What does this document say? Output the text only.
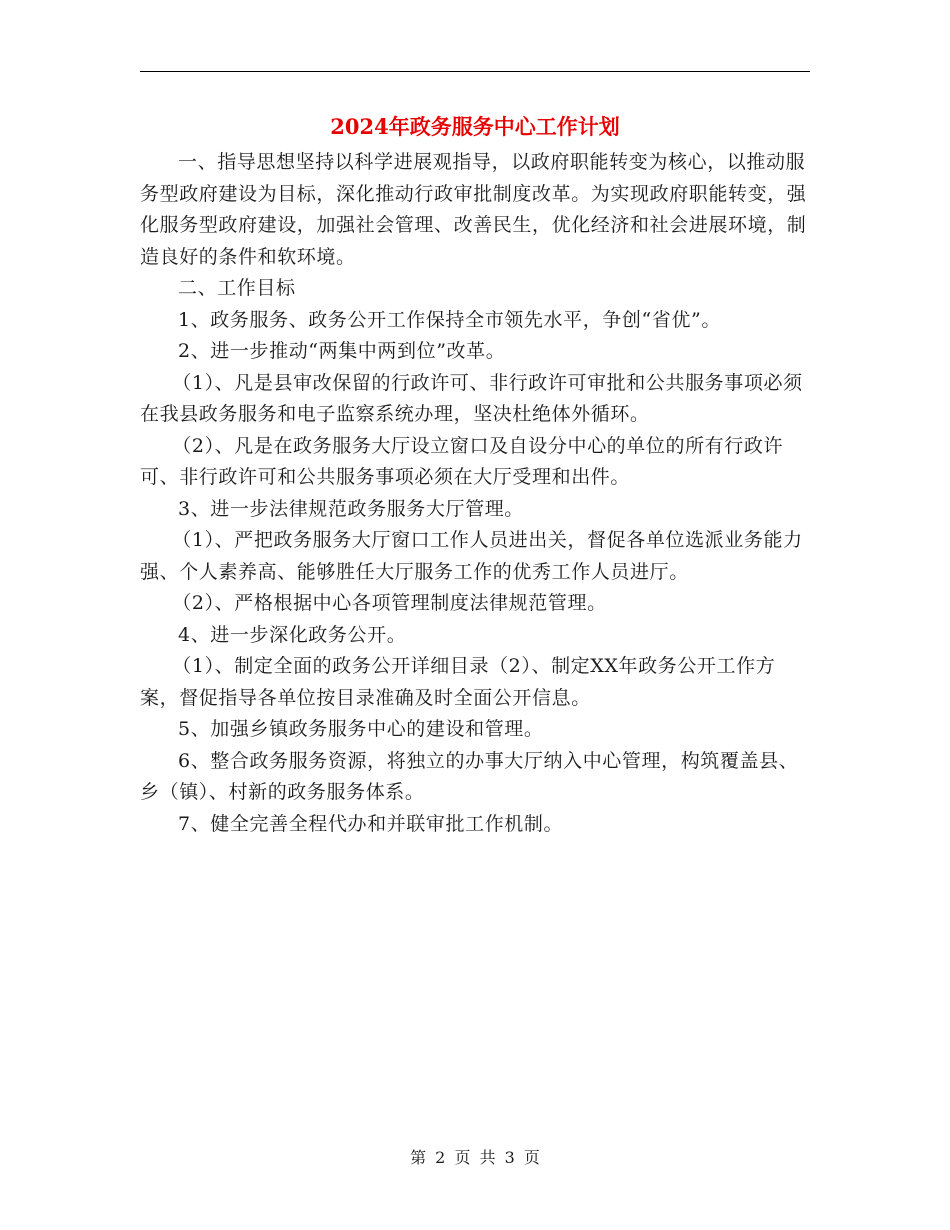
2024年政务服务中心工作计划

一、指导思想坚持以科学进展观指导，以政府职能转变为核心，以推动服务型政府建设为目标，深化推动行政审批制度改革。为实现政府职能转变，强化服务型政府建设，加强社会管理、改善民生，优化经济和社会进展环境，制造良好的条件和软环境。

二、工作目标

1、政务服务、政务公开工作保持全市领先水平，争创“省优”。

2、进一步推动“两集中两到位”改革。

（1）、凡是县审改保留的行政许可、非行政许可审批和公共服务事项必须在我县政务服务和电子监察系统办理，坚决杜绝体外循环。

（2）、凡是在政务服务大厅设立窗口及自设分中心的单位的所有行政许可、非行政许可和公共服务事项必须在大厅受理和出件。

3、进一步法律规范政务服务大厅管理。

（1）、严把政务服务大厅窗口工作人员进出关，督促各单位选派业务能力强、个人素养高、能够胜任大厅服务工作的优秀工作人员进厅。

（2）、严格根据中心各项管理制度法律规范管理。

4、进一步深化政务公开。

（1）、制定全面的政务公开详细目录（2）、制定XX年政务公开工作方案，督促指导各单位按目录准确及时全面公开信息。

5、加强乡镇政务服务中心的建设和管理。

6、整合政务服务资源，将独立的办事大厅纳入中心管理，构筑覆盖县、乡（镇）、村新的政务服务体系。

7、健全完善全程代办和并联审批工作机制。

第 2 页 共 3 页
